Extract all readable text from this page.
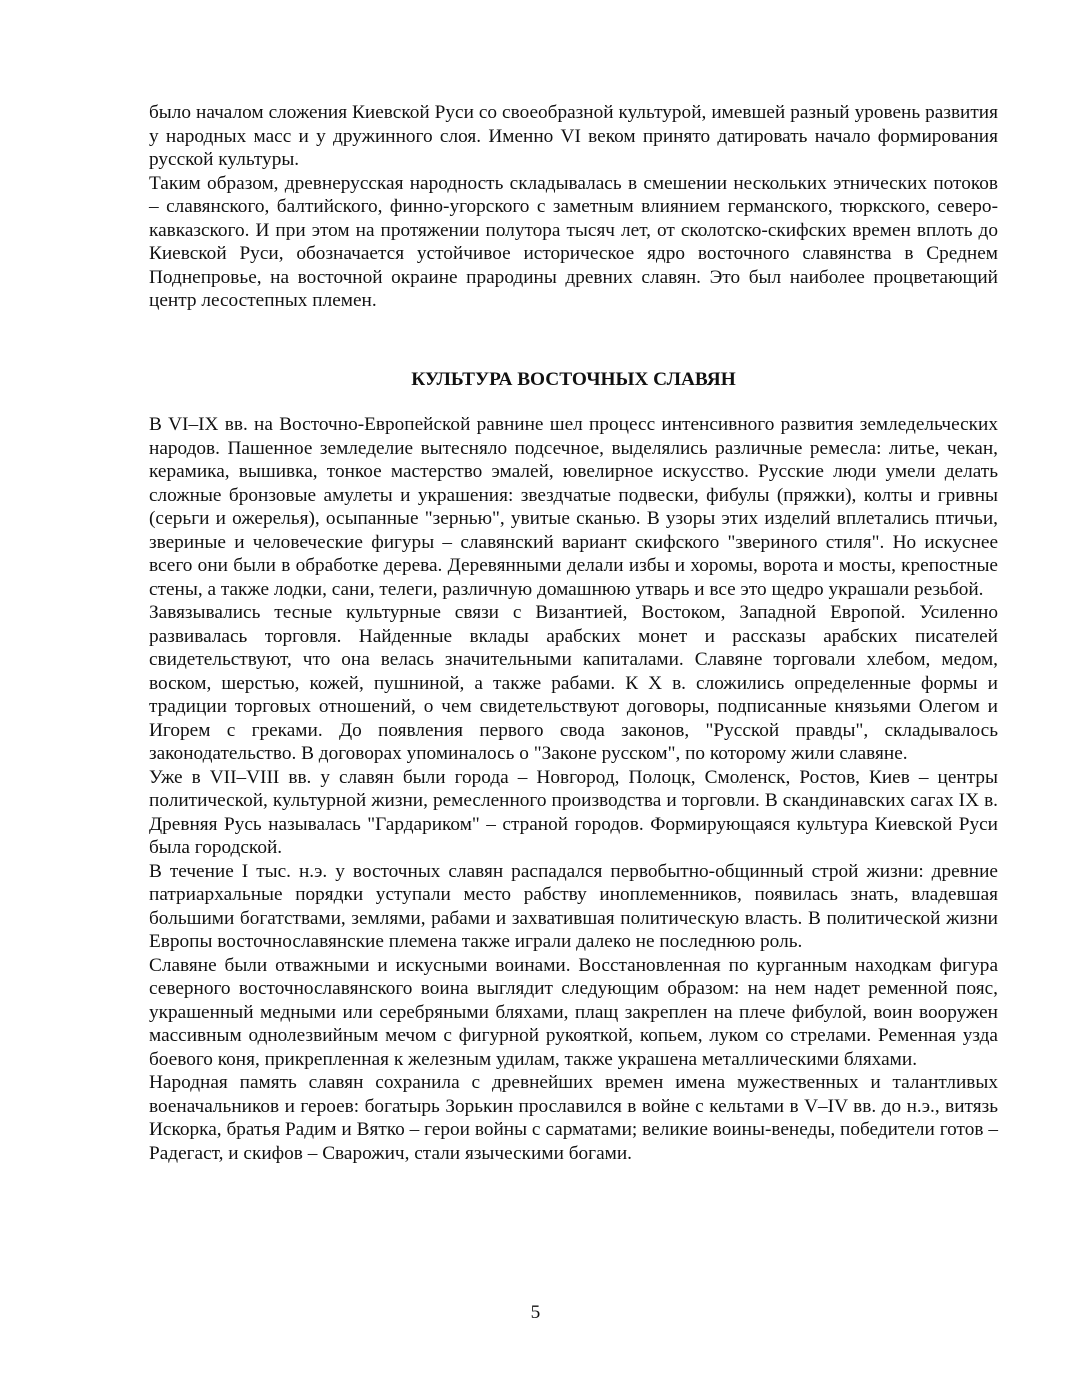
было началом сложения Киевской Руси со своеобразной культурой, имевшей разный уровень развития у народных масс и у дружинного слоя. Именно VI веком принято датировать начало формирования русской культуры.

Таким образом, древнерусская народность складывалась в смешении нескольких этнических потоков – славянского, балтийского, финно-угорского с заметным влиянием германского, тюркского, северо-кавказского. И при этом на протяжении полутора тысяч лет, от сколотско-скифских времен вплоть до Киевской Руси, обозначается устойчивое историческое ядро восточного славянства в Среднем Поднепровье, на восточной окраине прародины древних славян. Это был наиболее процветающий центр лесостепных племен.

КУЛЬТУРА ВОСТОЧНЫХ СЛАВЯН

В VI–IX вв. на Восточно-Европейской равнине шел процесс интенсивного развития земледельческих народов. Пашенное земледелие вытесняло подсечное, выделялись различные ремесла: литье, чекан, керамика, вышивка, тонкое мастерство эмалей, ювелирное искусство. Русские люди умели делать сложные бронзовые амулеты и украшения: звездчатые подвески, фибулы (пряжки), колты и гривны (серьги и ожерелья), осыпанные "зернью", увитые сканью. В узоры этих изделий вплетались птичьи, звериные и человеческие фигуры – славянский вариант скифского "звериного стиля". Но искуснее всего они были в обработке дерева. Деревянными делали избы и хоромы, ворота и мосты, крепостные стены, а также лодки, сани, телеги, различную домашнюю утварь и все это щедро украшали резьбой.

Завязывались тесные культурные связи с Византией, Востоком, Западной Европой. Усиленно развивалась торговля. Найденные вклады арабских монет и рассказы арабских писателей свидетельствуют, что она велась значительными капиталами. Славяне торговали хлебом, медом, воском, шерстью, кожей, пушниной, а также рабами. К X в. сложились определенные формы и традиции торговых отношений, о чем свидетельствуют договоры, подписанные князьями Олегом и Игорем с греками. До появления первого свода законов, "Русской правды", складывалось законодательство. В договорах упоминалось о "Законе русском", по которому жили славяне.

Уже в VII–VIII вв. у славян были города – Новгород, Полоцк, Смоленск, Ростов, Киев – центры политической, культурной жизни, ремесленного производства и торговли. В скандинавских сагах IX в. Древняя Русь называлась "Гардариком" – страной городов. Формирующаяся культура Киевской Руси была городской.

В течение I тыс. н.э. у восточных славян распадался первобытно-общинный строй жизни: древние патриархальные порядки уступали место рабству иноплеменников, появилась знать, владевшая большими богатствами, землями, рабами и захватившая политическую власть. В политической жизни Европы восточнославянские племена также играли далеко не последнюю роль.

Славяне были отважными и искусными воинами. Восстановленная по курганным находкам фигура северного восточнославянского воина выглядит следующим образом: на нем надет ременной пояс, украшенный медными или серебряными бляхами, плащ закреплен на плече фибулой, воин вооружен массивным однолезвийным мечом с фигурной рукояткой, копьем, луком со стрелами. Ременная узда боевого коня, прикрепленная к железным удилам, также украшена металлическими бляхами.

Народная память славян сохранила с древнейших времен имена мужественных и талантливых военачальников и героев: богатырь Зорькин прославился в войне с кельтами в V–IV вв. до н.э., витязь Искорка, братья Радим и Вятко – герои войны с сарматами; великие воины-венеды, победители готов – Радегаст, и скифов – Сварожич, стали языческими богами.

5
